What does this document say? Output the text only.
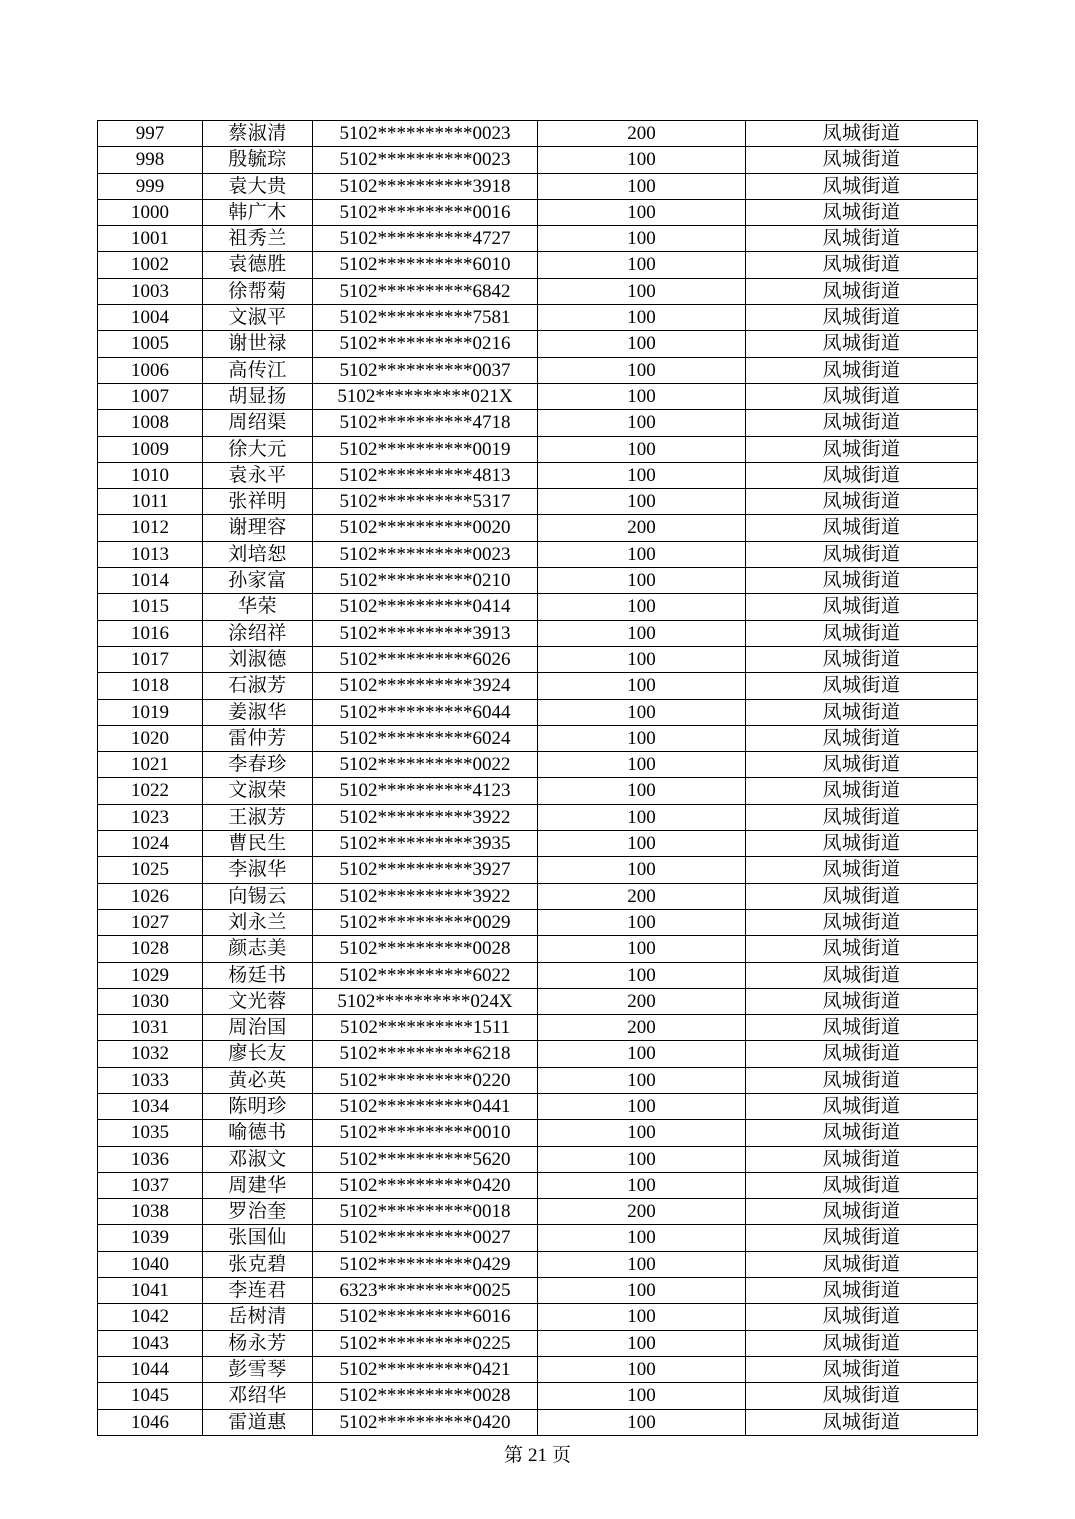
997	蔡淑清	5102**********0023	200	凤城街道
998	殷毓琮	5102**********0023	100	凤城街道
999	袁大贵	5102**********3918	100	凤城街道
1000	韩广木	5102**********0016	100	凤城街道
1001	祖秀兰	5102**********4727	100	凤城街道
1002	袁德胜	5102**********6010	100	凤城街道
1003	徐帮菊	5102**********6842	100	凤城街道
1004	文淑平	5102**********7581	100	凤城街道
1005	谢世禄	5102**********0216	100	凤城街道
1006	高传江	5102**********0037	100	凤城街道
1007	胡显扬	5102**********021X	100	凤城街道
1008	周绍渠	5102**********4718	100	凤城街道
1009	徐大元	5102**********0019	100	凤城街道
1010	袁永平	5102**********4813	100	凤城街道
1011	张祥明	5102**********5317	100	凤城街道
1012	谢理容	5102**********0020	200	凤城街道
1013	刘培恕	5102**********0023	100	凤城街道
1014	孙家富	5102**********0210	100	凤城街道
1015	华荣	5102**********0414	100	凤城街道
1016	涂绍祥	5102**********3913	100	凤城街道
1017	刘淑德	5102**********6026	100	凤城街道
1018	石淑芳	5102**********3924	100	凤城街道
1019	姜淑华	5102**********6044	100	凤城街道
1020	雷仲芳	5102**********6024	100	凤城街道
1021	李春珍	5102**********0022	100	凤城街道
1022	文淑荣	5102**********4123	100	凤城街道
1023	王淑芳	5102**********3922	100	凤城街道
1024	曹民生	5102**********3935	100	凤城街道
1025	李淑华	5102**********3927	100	凤城街道
1026	向锡云	5102**********3922	200	凤城街道
1027	刘永兰	5102**********0029	100	凤城街道
1028	颜志美	5102**********0028	100	凤城街道
1029	杨廷书	5102**********6022	100	凤城街道
1030	文光蓉	5102**********024X	200	凤城街道
1031	周治国	5102**********1511	200	凤城街道
1032	廖长友	5102**********6218	100	凤城街道
1033	黄必英	5102**********0220	100	凤城街道
1034	陈明珍	5102**********0441	100	凤城街道
1035	喻德书	5102**********0010	100	凤城街道
1036	邓淑文	5102**********5620	100	凤城街道
1037	周建华	5102**********0420	100	凤城街道
1038	罗治奎	5102**********0018	200	凤城街道
1039	张国仙	5102**********0027	100	凤城街道
1040	张克碧	5102**********0429	100	凤城街道
1041	李连君	6323**********0025	100	凤城街道
1042	岳树清	5102**********6016	100	凤城街道
1043	杨永芳	5102**********0225	100	凤城街道
1044	彭雪琴	5102**********0421	100	凤城街道
1045	邓绍华	5102**********0028	100	凤城街道
1046	雷道惠	5102**********0420	100	凤城街道
第 21 页
